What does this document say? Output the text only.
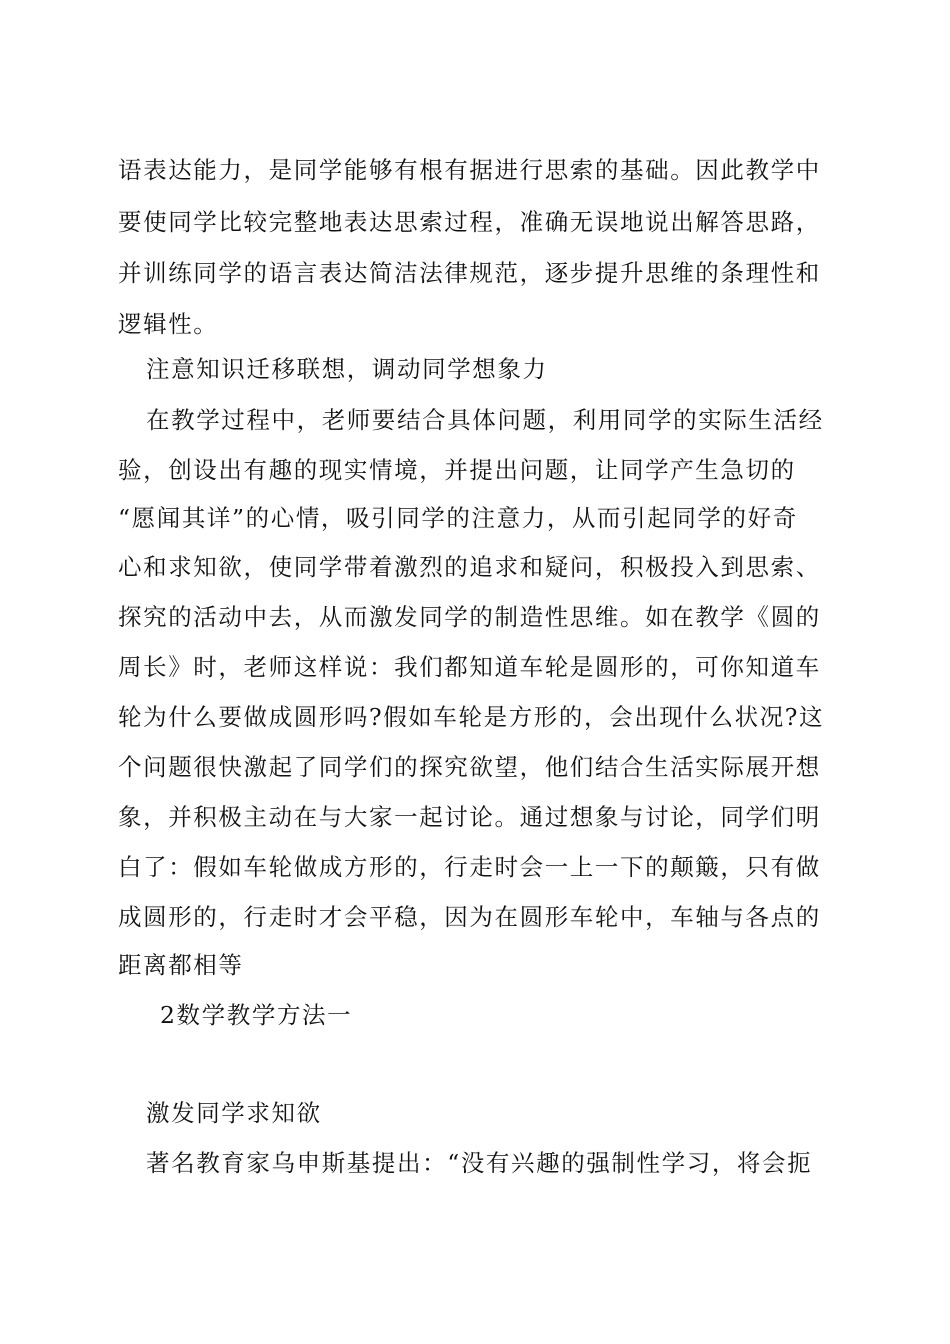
语表达能力，是同学能够有根有据进行思索的基础。因此教学中
要使同学比较完整地表达思索过程，准确无误地说出解答思路，
并训练同学的语言表达简洁法律规范，逐步提升思维的条理性和
逻辑性。
注意知识迁移联想，调动同学想象力
在教学过程中，老师要结合具体问题，利用同学的实际生活经
验，创设出有趣的现实情境，并提出问题，让同学产生急切的
“愿闻其详”的心情，吸引同学的注意力，从而引起同学的好奇
心和求知欲，使同学带着激烈的追求和疑问，积极投入到思索、
探究的活动中去，从而激发同学的制造性思维。如在教学《圆的
周长》时，老师这样说：我们都知道车轮是圆形的，可你知道车
轮为什么要做成圆形吗?假如车轮是方形的，会出现什么状况?这
个问题很快激起了同学们的探究欲望，他们结合生活实际展开想
象，并积极主动在与大家一起讨论。通过想象与讨论，同学们明
白了：假如车轮做成方形的，行走时会一上一下的颠簸，只有做
成圆形的，行走时才会平稳，因为在圆形车轮中，车轴与各点的
距离都相等
2数学教学方法一
激发同学求知欲
著名教育家乌申斯基提出：“没有兴趣的强制性学习，将会扼
